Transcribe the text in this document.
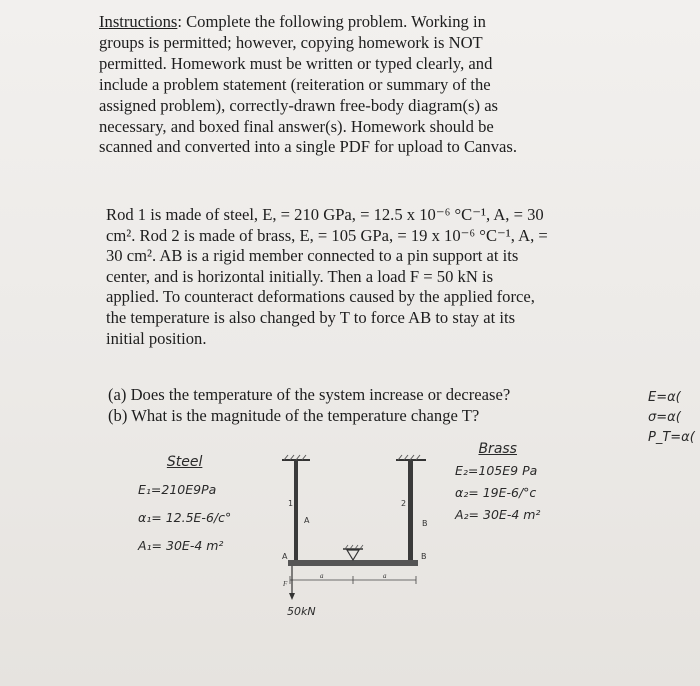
Instructions: Complete the following problem. Working in
groups is permitted; however, copying homework is NOT
permitted. Homework must be written or typed clearly, and
include a problem statement (reiteration or summary of the
assigned problem), correctly-drawn free-body diagram(s) as
necessary, and boxed final answer(s). Homework should be
scanned and converted into a single PDF for upload to Canvas.
Rod 1 is made of steel, E, = 210 GPa, = 12.5 x 10⁻⁶ °C⁻¹, A, = 30
cm². Rod 2 is made of brass, E, = 105 GPa, = 19 x 10⁻⁶ °C⁻¹, A, =
30 cm². AB is a rigid member connected to a pin support at its
center, and is horizontal initially. Then a load F = 50 kN is
applied. To counteract deformations caused by the applied force,
the temperature is also changed by T to force AB to stay at its
initial position.
(a) Does the temperature of the system increase or decrease?
(b) What is the magnitude of the temperature change T?
Steel
E₁=210E9Pa
α₁= 12.5E-6/c°
A₁= 30E-4 m²
Brass
E₂=105E9 Pa
α₂= 19E-6/°c
A₂= 30E-4 m²
E=α(
σ=α(
P_T=α(
1	2
A	B
a	a
F
A	B
50kN
